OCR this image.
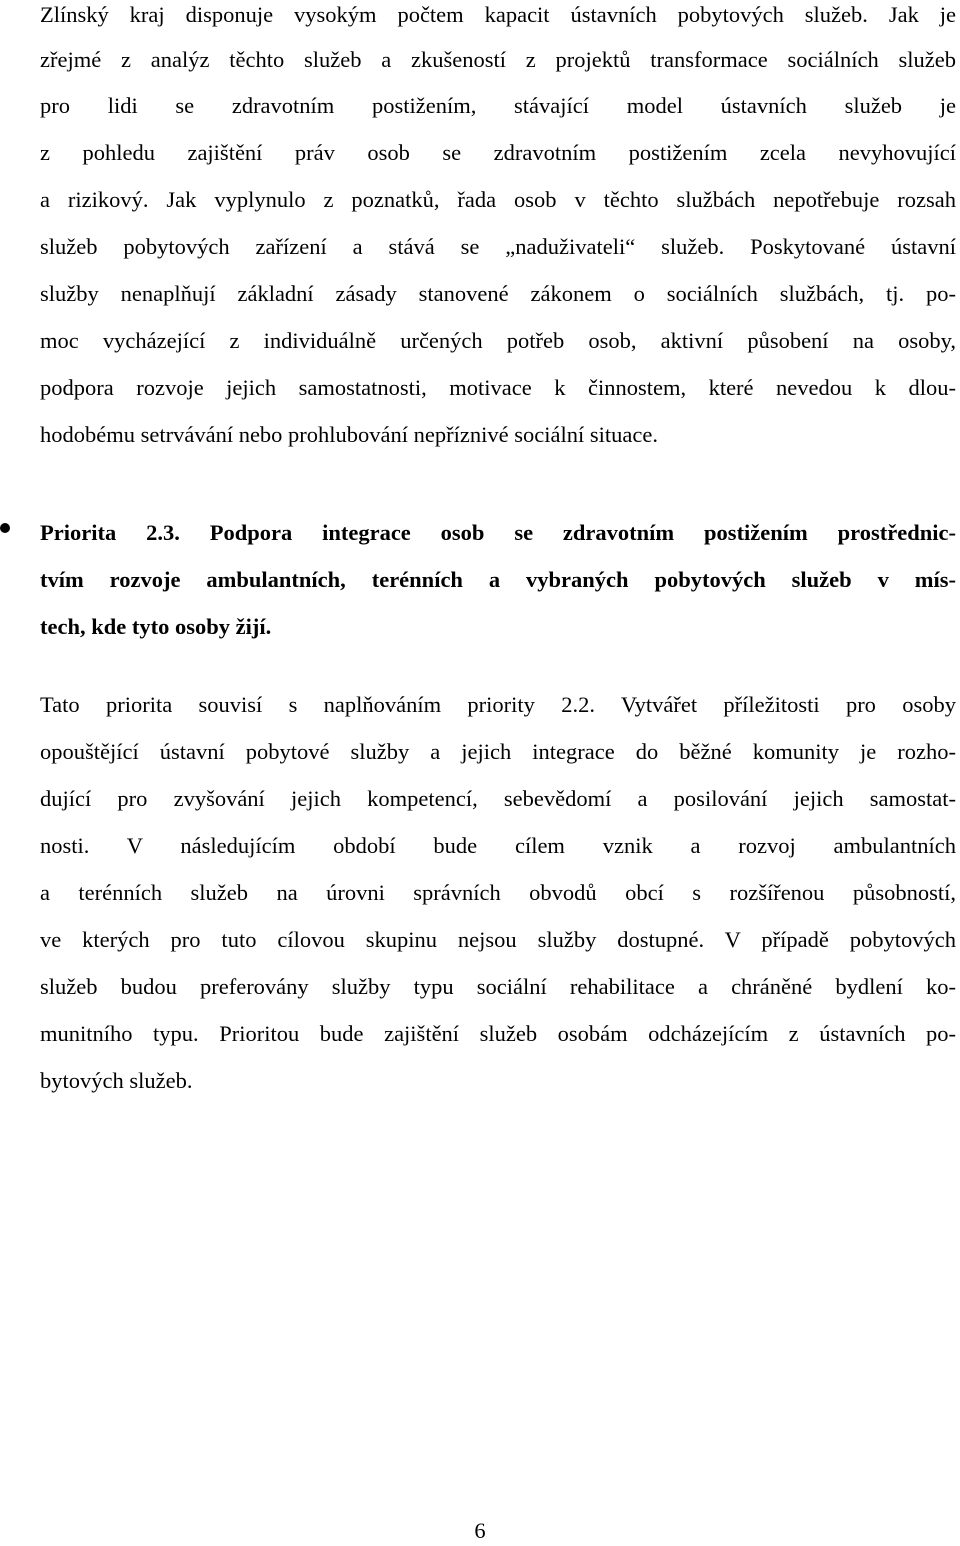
Zlínský kraj disponuje vysokým počtem kapacit ústavních pobytových služeb. Jak je
zřejmé z analýz těchto služeb a zkušeností z projektů transformace sociálních služeb
pro lidi se zdravotním postižením, stávající model ústavních služeb je
z pohledu zajištění práv osob se zdravotním postižením zcela nevyhovující
a rizikový. Jak vyplynulo z poznatků, řada osob v těchto službách nepotřebuje rozsah
služeb pobytových zařízení a stává se „naduživateli“ služeb. Poskytované ústavní
služby nenaplňují základní zásady stanovené zákonem o sociálních službách, tj. po-
moc vycházející z individuálně určených potřeb osob, aktivní působení na osoby,
podpora rozvoje jejich samostatnosti, motivace k činnostem, které nevedou k dlou-
hodobému setrvávání nebo prohlubování nepříznivé sociální situace.
Priorita 2.3. Podpora integrace osob se zdravotním postižením prostřednic-
tvím rozvoje ambulantních, terénních a vybraných pobytových služeb v mís-
tech, kde tyto osoby žijí.
Tato priorita souvisí s naplňováním priority 2.2. Vytvářet příležitosti pro osoby
opouštějící ústavní pobytové služby a jejich integrace do běžné komunity je rozho-
dující pro zvyšování jejich kompetencí, sebevědomí a posilování jejich samostat-
nosti. V následujícím období bude cílem vznik a rozvoj ambulantních
a terénních služeb na úrovni správních obvodů obcí s rozšířenou působností,
ve kterých pro tuto cílovou skupinu nejsou služby dostupné. V případě pobytových
služeb budou preferovány služby typu sociální rehabilitace a chráněné bydlení ko-
munitního typu. Prioritou bude zajištění služeb osobám odcházejícím z ústavních po-
bytových služeb.
6
